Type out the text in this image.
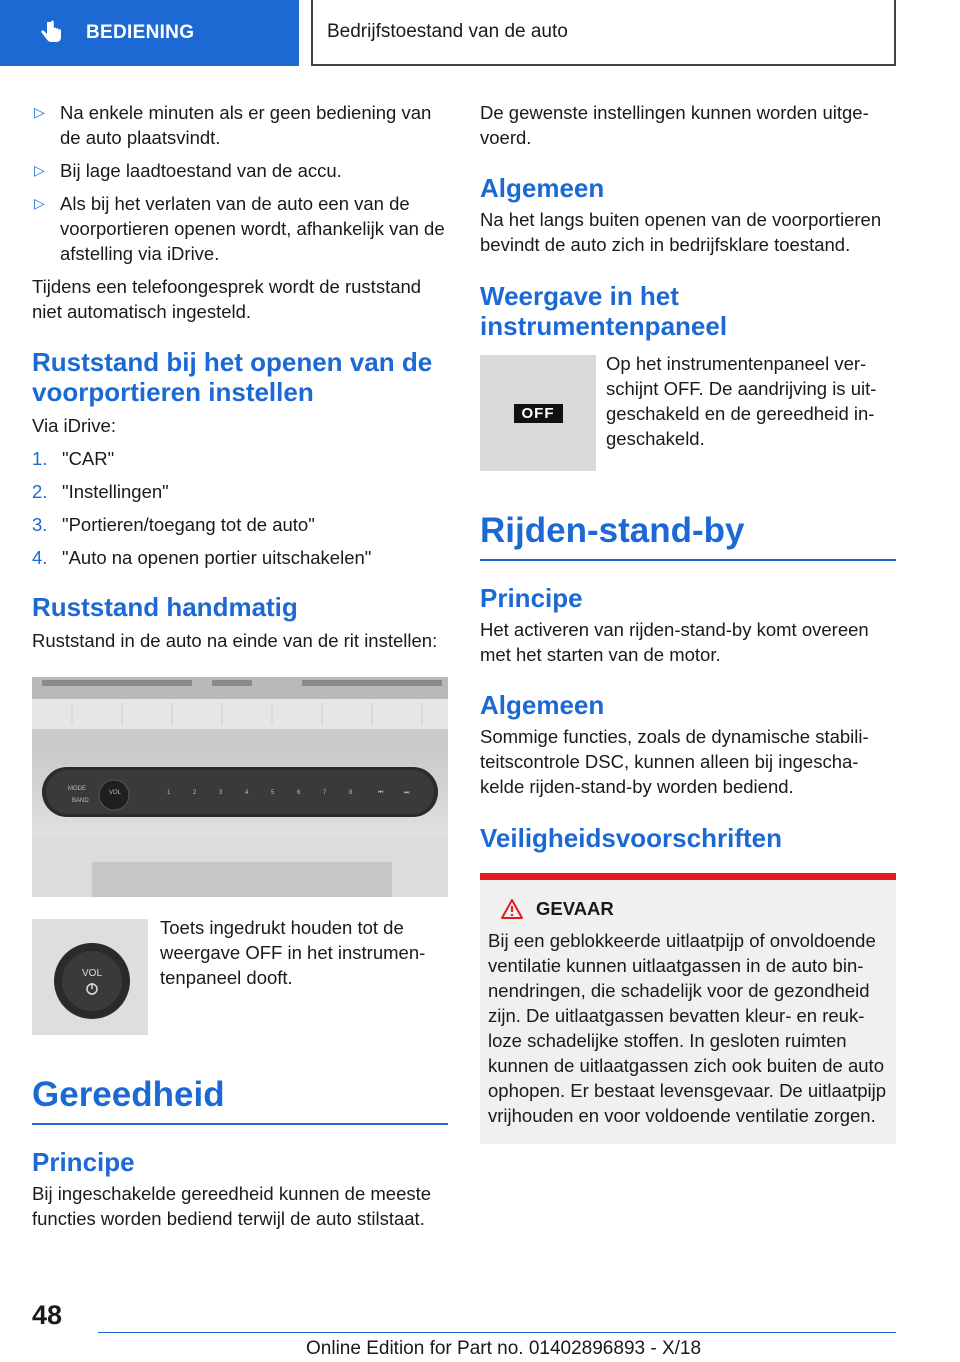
BEDIENING	Bedrijfstoestand van de auto
▷ Na enkele minuten als er geen bediening van de auto plaatsvindt.
▷ Bij lage laadtoestand van de accu.
▷ Als bij het verlaten van de auto een van de voorportieren openen wordt, afhankelijk van de afstelling via iDrive.

Tijdens een telefoongesprek wordt de ruststand niet automatisch ingesteld.

Ruststand bij het openen van de voorportieren instellen

Via iDrive:

1. "CAR"
2. "Instellingen"
3. "Portieren/toegang tot de auto"
4. "Auto na openen portier uitschakelen"
Ruststand handmatig

Ruststand in de auto na einde van de rit instellen:

MODE
BAND
VOL	1	2	3	4	5	6	7	8	⏮	⏭
VOL

Toets ingedrukt houden tot de weergave OFF in het instrumentenpaneel dooft.

Gereedheid
Principe

Bij ingeschakelde gereedheid kunnen de meeste functies worden bediend terwijl de auto stilstaat.

De gewenste instellingen kunnen worden uitgevoerd.

Algemeen

Na het langs buiten openen van de voorportieren bevindt de auto zich in bedrijfsklare toestand.

Weergave in het instrumentenpaneel
OFF

Op het instrumentenpaneel verschijnt OFF. De aandrijving is uitgeschakeld en de gereedheid ingeschakeld.

Rijden-stand-by
Principe

Het activeren van rijden-stand-by komt overeen met het starten van de motor.

Algemeen

Sommige functies, zoals de dynamische stabiliteitscontrole DSC, kunnen alleen bij ingeschakelde rijden-stand-by worden bediend.

Veiligheidsvoorschriften
GEVAAR

Bij een geblokkeerde uitlaatpijp of onvoldoende ventilatie kunnen uitlaatgassen in de auto binnendringen, die schadelijk voor de gezondheid zijn. De uitlaatgassen bevatten kleur- en reukloze schadelijke stoffen. In gesloten ruimten kunnen de uitlaatgassen zich ook buiten de auto ophopen. Er bestaat levensgevaar. De uitlaatpijp vrijhouden en voor voldoende ventilatie zorgen.

48
Online Edition for Part no. 01402896893 - X/18
